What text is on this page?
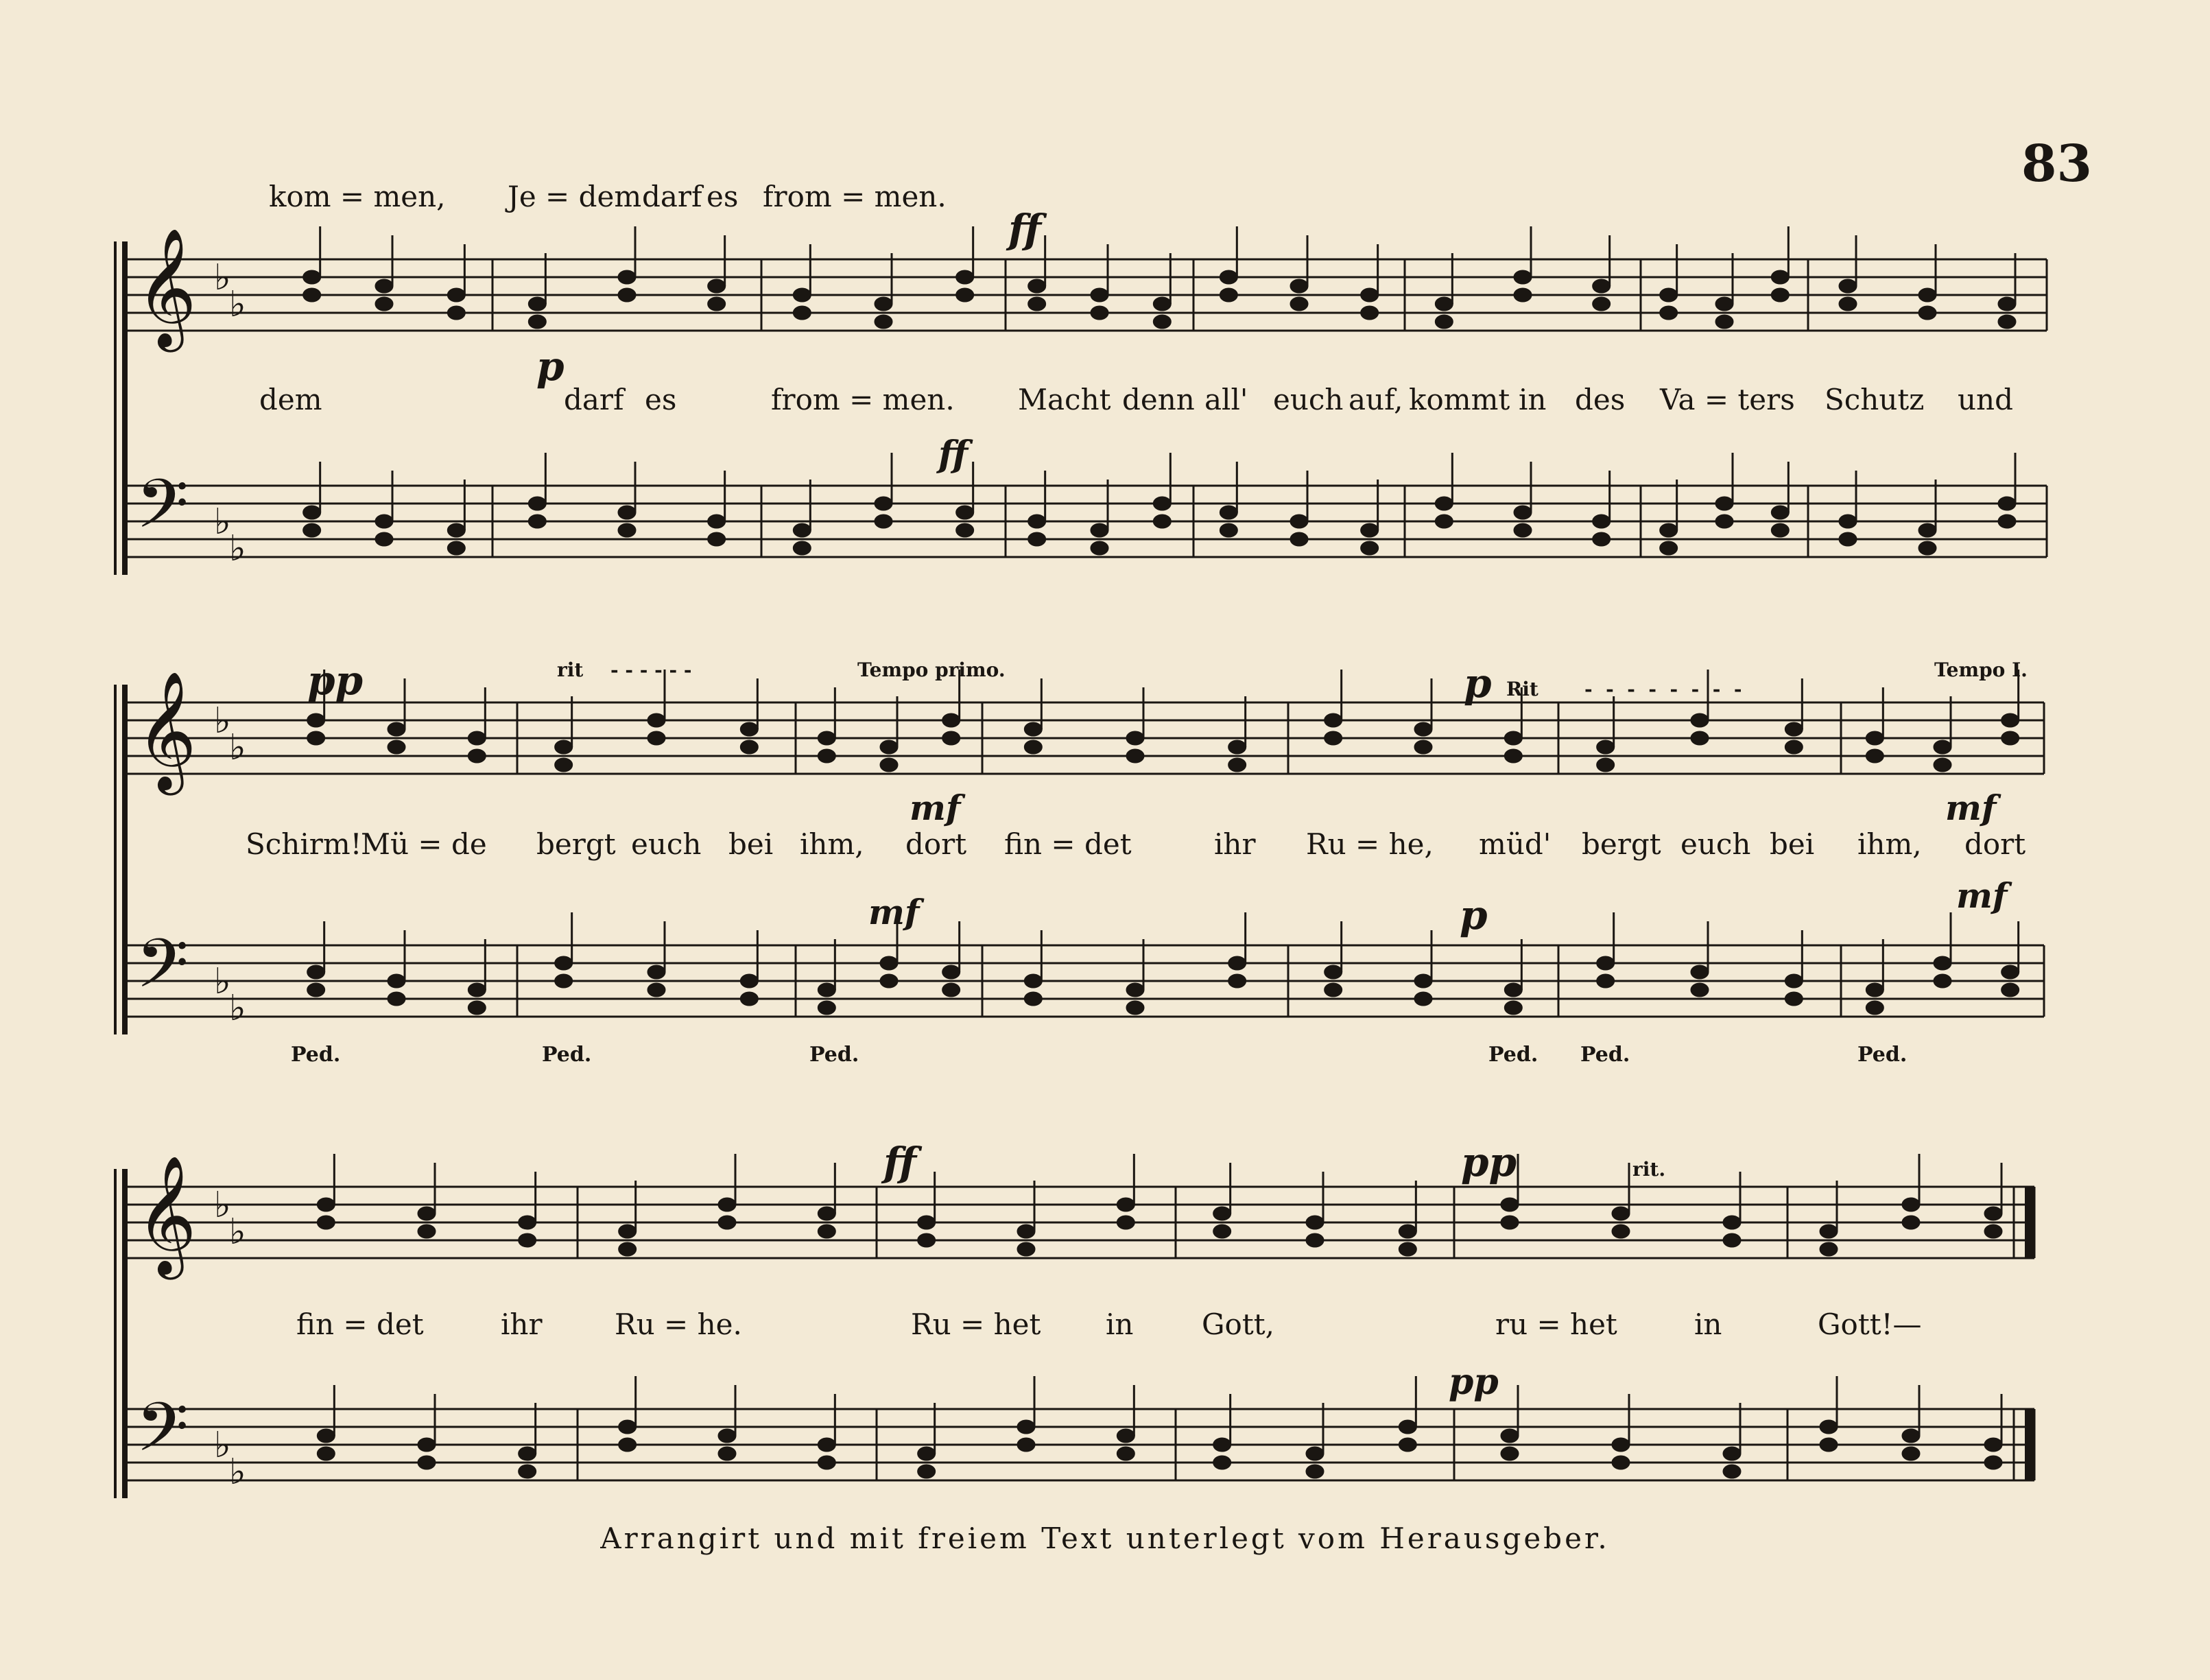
83
𝄞
𝄢
♭
♭
♭
♭
𝄞
𝄢
♭
♭
♭
♭
𝄞
𝄢
♭
♭
♭
♭
kom = men, Je = dem darf es from = men.
dem	darf es	from = men. Macht denn all' euch auf, kommt in des Va = ters Schutz und
ff
p
ff
pp	rit - - - - - -	Tempo primo.	p Rit -  -  -  -  -  -  -  -
Tempo I.
mf	mf
Schirm!
Mü = de bergt euch bei ihm, dort fin = det	ihr Ru = he, müd' bergt euch bei ihm, dort
mf	p	mf
Ped.	Ped.	Ped.	Ped. Ped.	Ped.
ff	pp	rit.
fin = det	ihr	Ru = he.	Ru = het in Gott,	ru = het	in	Gott!—
pp
Arrangirt und mit freiem Text unterlegt vom Herausgeber.
